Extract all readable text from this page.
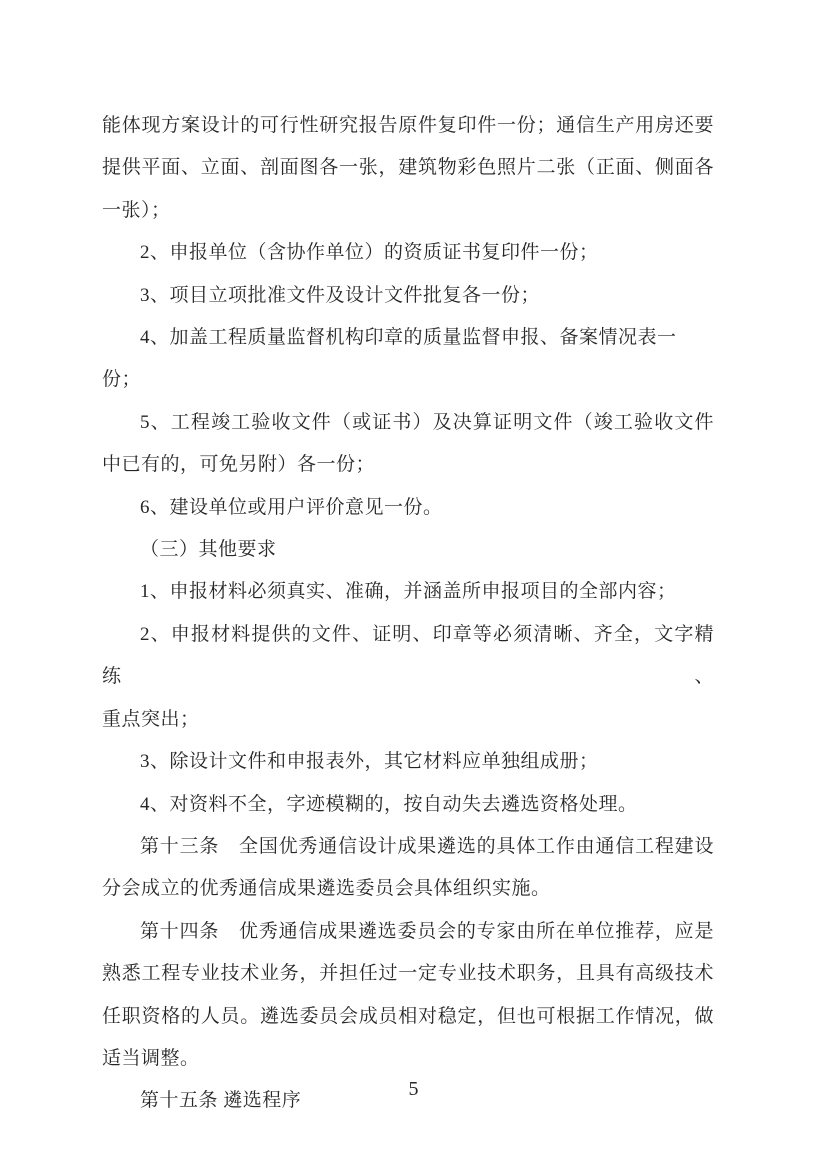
能体现方案设计的可行性研究报告原件复印件一份；通信生产用房还要
提供平面、立面、剖面图各一张，建筑物彩色照片二张（正面、侧面各
一张）；
2、申报单位（含协作单位）的资质证书复印件一份；
3、项目立项批准文件及设计文件批复各一份；
4、加盖工程质量监督机构印章的质量监督申报、备案情况表一份；
5、工程竣工验收文件（或证书）及决算证明文件（竣工验收文件
中已有的，可免另附）各一份；
6、建设单位或用户评价意见一份。
（三）其他要求
1、申报材料必须真实、准确，并涵盖所申报项目的全部内容；
2、申报材料提供的文件、证明、印章等必须清晰、齐全，文字精练、
重点突出；
3、除设计文件和申报表外，其它材料应单独组成册；
4、对资料不全，字迹模糊的，按自动失去遴选资格处理。
第十三条　全国优秀通信设计成果遴选的具体工作由通信工程建设
分会成立的优秀通信成果遴选委员会具体组织实施。
第十四条　优秀通信成果遴选委员会的专家由所在单位推荐，应是
熟悉工程专业技术业务，并担任过一定专业技术职务，且具有高级技术
任职资格的人员。遴选委员会成员相对稳定，但也可根据工作情况，做
适当调整。
第十五条 遴选程序
5
